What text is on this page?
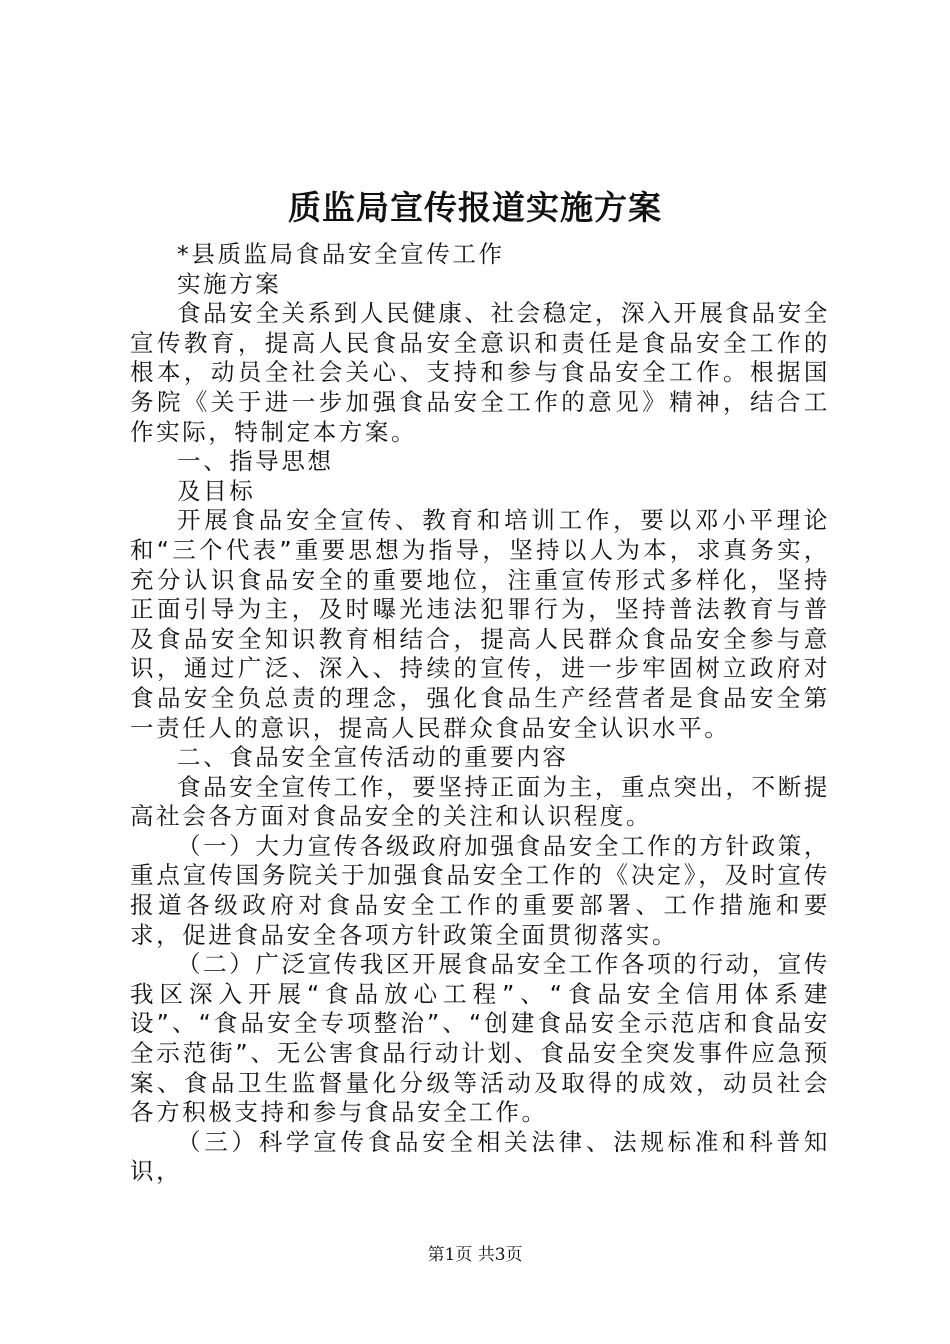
质监局宣传报道实施方案

*县质监局食品安全宣传工作

实施方案

食品安全关系到人民健康、社会稳定，深入开展食品安全宣传教育，提高人民食品安全意识和责任是食品安全工作的根本，动员全社会关心、支持和参与食品安全工作。根据国务院《关于进一步加强食品安全工作的意见》精神，结合工作实际，特制定本方案。

一、指导思想

及目标

开展食品安全宣传、教育和培训工作，要以邓小平理论和“三个代表”重要思想为指导，坚持以人为本，求真务实，充分认识食品安全的重要地位，注重宣传形式多样化，坚持正面引导为主，及时曝光违法犯罪行为，坚持普法教育与普及食品安全知识教育相结合，提高人民群众食品安全参与意识，通过广泛、深入、持续的宣传，进一步牢固树立政府对食品安全负总责的理念，强化食品生产经营者是食品安全第一责任人的意识，提高人民群众食品安全认识水平。

二、食品安全宣传活动的重要内容

食品安全宣传工作，要坚持正面为主，重点突出，不断提高社会各方面对食品安全的关注和认识程度。

（一）大力宣传各级政府加强食品安全工作的方针政策，重点宣传国务院关于加强食品安全工作的《决定》，及时宣传报道各级政府对食品安全工作的重要部署、工作措施和要求，促进食品安全各项方针政策全面贯彻落实。

（二）广泛宣传我区开展食品安全工作各项的行动，宣传我区深入开展“食品放心工程”、“食品安全信用体系建设”、“食品安全专项整治”、“创建食品安全示范店和食品安全示范街”、无公害食品行动计划、食品安全突发事件应急预案、食品卫生监督量化分级等活动及取得的成效，动员社会各方积极支持和参与食品安全工作。

（三）科学宣传食品安全相关法律、法规标准和科普知识，

第1页 共3页
